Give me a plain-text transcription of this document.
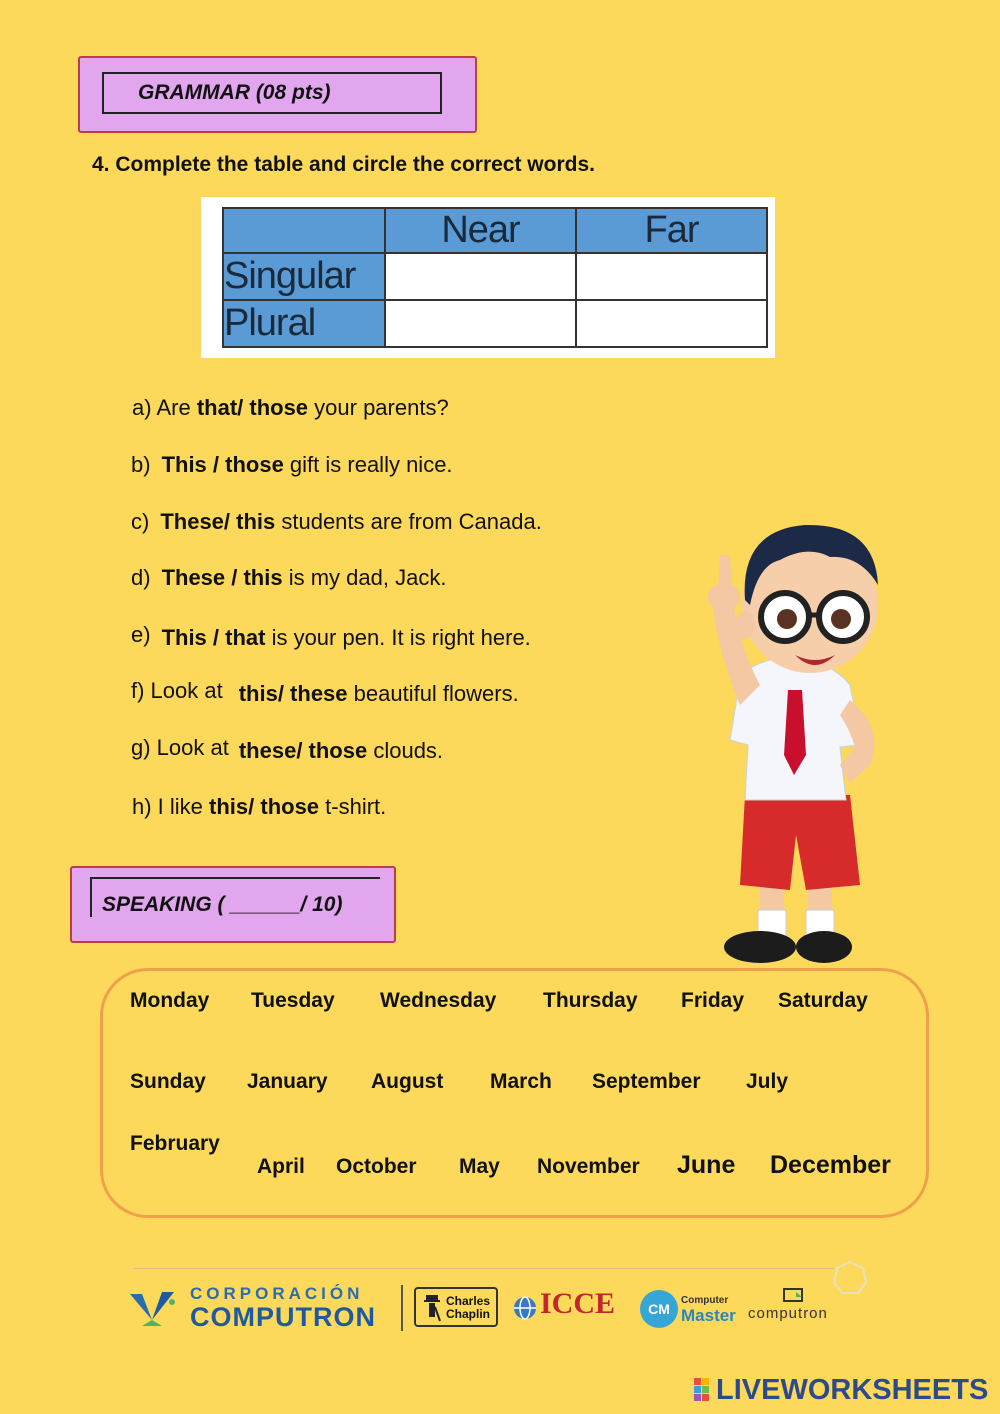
GRAMMAR (08 pts)
4. Complete the table and circle the correct words.
	Near	Far
Singular		
Plural		
a) Are that/ those your parents?
b) This / those gift is really nice.
c) These/ this students are from Canada.
d) These / this is my dad, Jack.
e) This / that is your pen. It is right here.
f) Look at this/ these beautiful flowers.
g) Look at these/ those clouds.
h) I like this/ those t-shirt.
SPEAKING ( ______/ 10)
Monday Tuesday Wednesday Thursday Friday Saturday
Sunday January August March September July
February
April October May November June December
CORPORACIÓN
COMPUTRON
Charles
Chaplin ICCE	CM
Computer
Master computron
LIVEWORKSHEETS
